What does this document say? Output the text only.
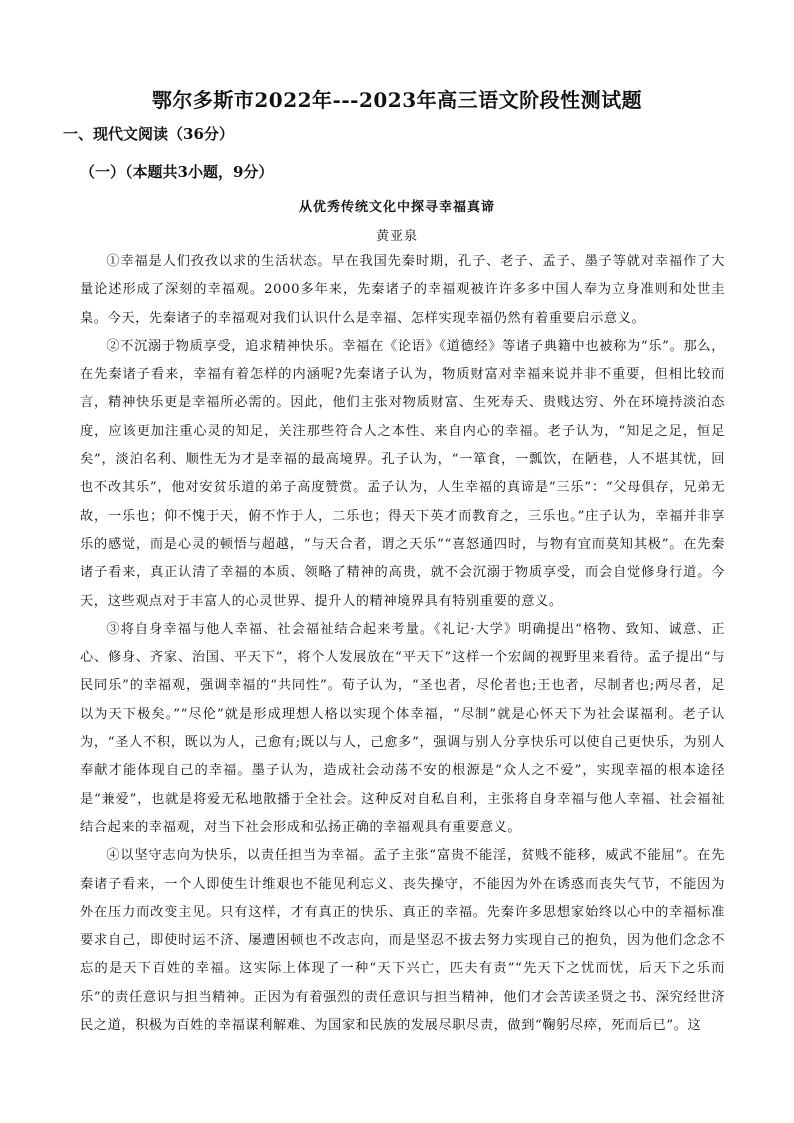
鄂尔多斯市2022年---2023年高三语文阶段性测试题
一、现代文阅读（36分）
（一）（本题共3小题，9分）
从优秀传统文化中探寻幸福真谛
黄亚泉

①幸福是人们孜孜以求的生活状态。早在我国先秦时期，孔子、老子、孟子、墨子等就对幸福作了大量论述形成了深刻的幸福观。2000多年来，先秦诸子的幸福观被许许多多中国人奉为立身准则和处世圭臬。今天，先秦诸子的幸福观对我们认识什么是幸福、怎样实现幸福仍然有着重要启示意义。

②不沉溺于物质享受，追求精神快乐。幸福在《论语》《道德经》等诸子典籍中也被称为“乐”。那么，在先秦诸子看来，幸福有着怎样的内涵呢?先秦诸子认为，物质财富对幸福来说并非不重要，但相比较而言，精神快乐更是幸福所必需的。因此，他们主张对物质财富、生死寿夭、贵贱达穷、外在环境持淡泊态度，应该更加注重心灵的知足，关注那些符合人之本性、来自内心的幸福。老子认为，“知足之足，恒足矣”，淡泊名利、顺性无为才是幸福的最高境界。孔子认为，“一箪食，一瓢饮，在陋巷，人不堪其忧，回也不改其乐”，他对安贫乐道的弟子高度赞赏。孟子认为，人生幸福的真谛是“三乐”：“父母俱存，兄弟无故，一乐也；仰不愧于天，俯不怍于人，二乐也；得天下英才而教育之，三乐也。”庄子认为，幸福并非享乐的感觉，而是心灵的顿悟与超越，“与天合者，谓之天乐”“喜怒通四时，与物有宜而莫知其极”。在先秦诸子看来，真正认清了幸福的本质、领略了精神的高贵，就不会沉溺于物质享受，而会自觉修身行道。今天，这些观点对于丰富人的心灵世界、提升人的精神境界具有特别重要的意义。

③将自身幸福与他人幸福、社会福祉结合起来考量。《礼记·大学》明确提出“格物、致知、诚意、正心、修身、齐家、治国、平天下”，将个人发展放在“平天下”这样一个宏阔的视野里来看待。孟子提出“与民同乐”的幸福观，强调幸福的“共同性”。荀子认为，“圣也者，尽伦者也;王也者，尽制者也;两尽者，足以为天下极矣。”“尽伦”就是形成理想人格以实现个体幸福，“尽制”就是心怀天下为社会谋福利。老子认为，“圣人不积，既以为人，己愈有;既以与人，己愈多”，强调与别人分享快乐可以使自己更快乐，为别人奉献才能体现自己的幸福。墨子认为，造成社会动荡不安的根源是“众人之不爱”，实现幸福的根本途径是“兼爱”，也就是将爱无私地散播于全社会。这种反对自私自利，主张将自身幸福与他人幸福、社会福祉结合起来的幸福观，对当下社会形成和弘扬正确的幸福观具有重要意义。

④以坚守志向为快乐，以责任担当为幸福。孟子主张“富贵不能淫，贫贱不能移，威武不能屈”。在先秦诸子看来，一个人即使生计维艰也不能见利忘义、丧失操守，不能因为外在诱惑而丧失气节，不能因为外在压力而改变主见。只有这样，才有真正的快乐、真正的幸福。先秦许多思想家始终以心中的幸福标准要求自己，即使时运不济、屡遭困顿也不改志向，而是坚忍不拔去努力实现自己的抱负，因为他们念念不忘的是天下百姓的幸福。这实际上体现了一种“天下兴亡，匹夫有责”“先天下之忧而忧，后天下之乐而乐”的责任意识与担当精神。正因为有着强烈的责任意识与担当精神，他们才会苦读圣贤之书、深究经世济民之道，积极为百姓的幸福谋利解难、为国家和民族的发展尽职尽责，做到“鞠躬尽瘁，死而后已”。这
